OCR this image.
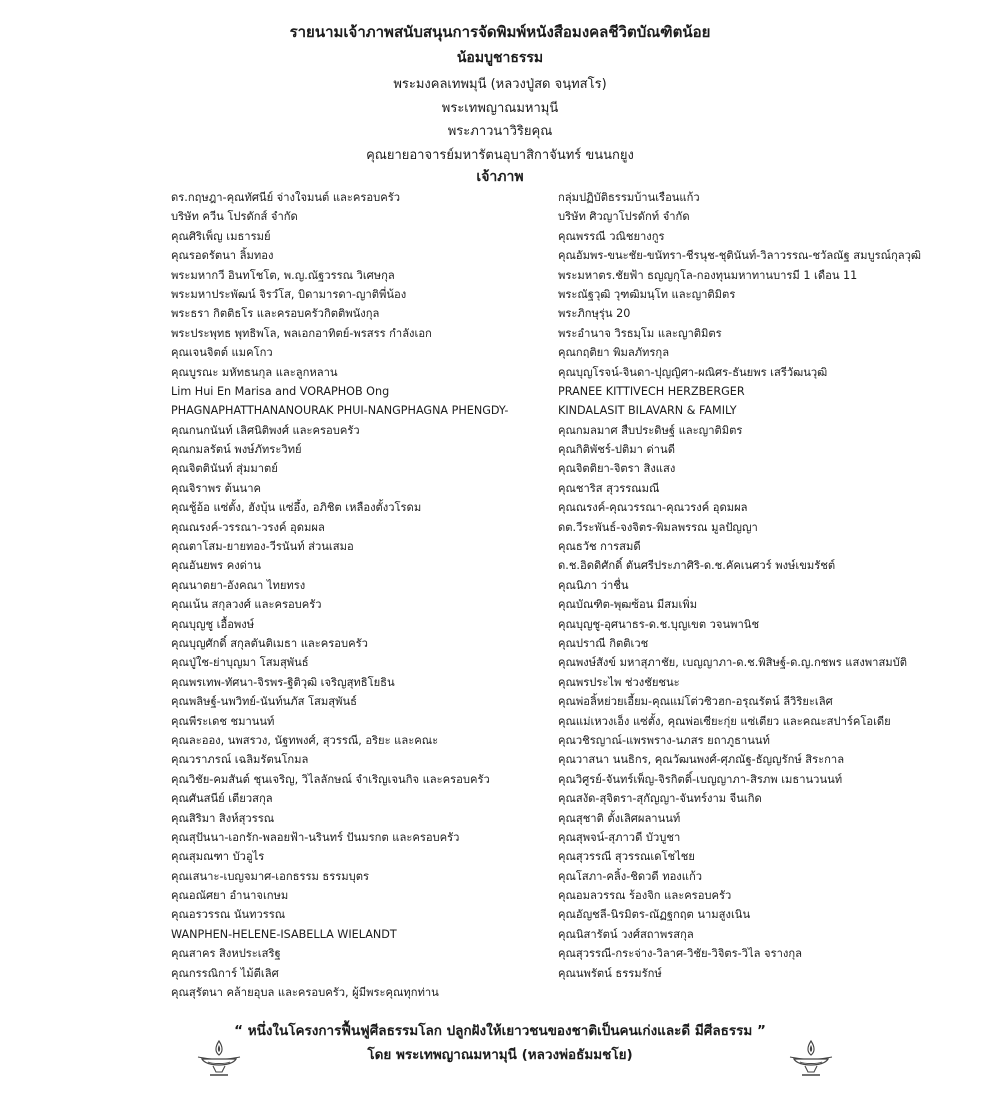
รายนามเจ้าภาพสนับสนุนการจัดพิมพ์หนังสือมงคลชีวิตบัณฑิตน้อย
น้อมบูชาธรรม
พระมงคลเทพมุนี (หลวงปู่สด จนฺทสโร)
พระเทพญาณมหามุนี
พระภาวนาวิริยคุณ
คุณยายอาจารย์มหารัตนอุบาสิกาจันทร์ ขนนกยูง
เจ้าภาพ
ดร.กฤษฎา-คุณทัศนีย์ จ่างใจมนต์ และครอบครัว
บริษัท ควีน โปรดักส์ จำกัด
คุณศิริเพ็ญ เมธารมย์
คุณรอดรัตนา ลิ้มทอง
พระมหากวี อินทโชโต, พ.ญ.ณัฐวรรณ วิเศษกุล
พระมหาประพัฒน์ จิรวํโส, บิดามารดา-ญาติพี่น้อง
พระธรา กิตติธโร และครอบครัวกิตติพนังกุล
พระประพุทธ พุทธิพโล, พลเอกอาทิตย์-พรสรร กำลังเอก
คุณเจนจิตต์ แมคโกว
คุณบูรณะ มหัทธนกุล และลูกหลาน
Lim Hui En Marisa and VORAPHOB Ong
PHAGNAPHATTHANANOURAK PHUI-NANGPHAGNA PHENGDY-
คุณกนกนันท์ เลิศนิติพงศ์ และครอบครัว
คุณกมลรัตน์ พงษ์ภัทระวิทย์
คุณจิตตินันท์ สุ่มมาตย์
คุณจิราพร ต้นนาค
คุณชู้อ้อ แซ่ตั้ง, ฮังบุ้น แซ่อึ้ง, อภิชิต เหลืองตั้งวโรดม
คุณณรงค์-วรรณา-วรงค์ อุดมผล
คุณตาโสม-ยายทอง-วีรนันท์ ส่วนเสมอ
คุณอันยพร คงด่าน
คุณนาตยา-อังคณา ไทยทรง
คุณเน้น สกุลวงศ์ และครอบครัว
คุณบุญชู เอื้อพงษ์
คุณบุญศักดิ์ สกุลตันติเมธา และครอบครัว
คุณปู่ใช-ย่าบุญมา โสมสุพันธ์
คุณพรเทพ-ทัศนา-จิรพร-ฐิติวุฒิ เจริญสุทธิโยธิน
คุณพลิษฐ์-นพวิทย์-นันท์นภัส โสมสุพันธ์
คุณพีระเดช ชมานนท์
คุณละออง, นพสรวง, นัฐทพงศ์, สุวรรณี, อริยะ และคณะ
คุณวราภรณ์ เฉลิมรัตนโกมล
คุณวิชัย-คมสันต์ ชุนเจริญ, วิไลลักษณ์ จำเริญเจนกิจ และครอบครัว
คุณศันสนีย์ เตียวสกุล
คุณสิริมา สิงห์สุวรรณ
คุณสุปันนา-เอกรัก-พลอยฟ้า-นรินทร์ ปันมรกต และครอบครัว
คุณสุมณฑา บัวอูไร
คุณเสนาะ-เบญจมาศ-เอกธรรม ธรรมบุตร
คุณอณัศยา อำนาจเกษม
คุณอรวรรณ นันทวรรณ
WANPHEN-HELENE-ISABELLA WIELANDT
คุณสาคร สิงหประเสริฐ
คุณกรรณิการ์ ไม้ตีเลิศ
คุณสุรัตนา คล้ายอุบล และครอบครัว, ผู้มีพระคุณทุกท่าน
กลุ่มปฏิบัติธรรมบ้านเรือนแก้ว
บริษัท ศิวญาโปรดักท์ จำกัด
คุณพรรณี วณิชยางกูร
คุณอัมพร-ขนะชัย-ขนัทรา-ชีรนุช-ชุตินันท์-วิลาวรรณ-ชวัลณัฐ สมบูรณ์กุลวุฒิ
พระมหาตร.ชัยฟ้า ธญญกุโล-กองทุนมหาทานบารมี 1 เดือน 11
พระณัฐวุฒิ วุฑฒิมนฺโท และญาติมิตร
พระภิกษุรุ่น 20
พระอำนาจ วิรธมฺโม และญาติมิตร
คุณกฤติยา พิมลภัทรกุล
คุณบุญโรจน์-จินดา-ปุญญิศา-ผณิศร-ธันยพร เสรีวัฒนวุฒิ
PRANEE KITTIVECH HERZBERGER
KINDALASIT BILAVARN & FAMILY
คุณกมลมาศ สืบประดิษฐ์ และญาติมิตร
คุณกิติพัชร์-ปติมา ด่านดี
คุณจิตติยา-จิตรา สิงแสง
คุณชาริส สุวรรณมณี
คุณณรงค์-คุณวรรณา-คุณวรงค์ อุดมผล
ดต.วีระพันธ์-จงจิตร-พิมลพรรณ มูลปัญญา
คุณธวัช การสมดี
ด.ช.อิดดิศักดิ์ ตันศรีประภาศิริ-ด.ช.คัคเนศวร์ พงษ์เขมรัชต์
คุณนิภา ว่าชื่น
คุณบัณฑิต-พุฒซ้อน มีสมเพิ่ม
คุณบุญชู-อุศนาธร-ด.ช.บุญเขต วจนพานิช
คุณปราณี กิตติเวช
คุณพงษ์สังข์ มหาสุภาชัย, เบญญาภา-ด.ช.พิสิษฐ์-ด.ญ.กชพร แสงพาสมบัติ
คุณพรประไพ ช่วงชัยชนะ
คุณพ่อลิ้หย่วยเอี้ยม-คุณแม่โต่วซิวฮก-อรุณรัตน์ ลีวิริยะเลิศ
คุณแม่เหวงเอ็ง แซ่ตั้ง, คุณพ่อเซียะกุ่ย แซ่เตียว และคณะสปาร์คโอเดีย
คุณวชิรญาณ์-แพรพราง-นภสร ยถาภูธานนท์
คุณวาสนา นนธิกร, คุณวัฒนพงศ์-ศุภณัฐ-ธัญญรักษ์ สิระกาล
คุณวิศูรย์-จันทร์เพ็ญ-จิรกิตติ์-เบญญาภา-สิรภพ เมธานวนนท์
คุณสงัด-สุจิตรา-สุกัญญา-จันทร์งาม จีนเกิด
คุณสุชาติ ตั้งเลิศผลานนท์
คุณสุพจน์-สุภาวดี บัวบูชา
คุณสุวรรณี สุวรรณเดโชไชย
คุณโสภา-คลิ้ง-ชิดวดี ทองแก้ว
คุณอมลวรรณ ร้องจิก และครอบครัว
คุณอัญชลี-นิรมิตร-ณัฏฐกฤต นามสูงเนิน
คุณนิสารัตน์ วงศ์สถาพรสกุล
คุณสุวรรณี-กระจ่าง-วิลาศ-วิชัย-วิจิตร-วิไล จรางกุล
คุณนพรัตน์ ธรรมรักษ์
“ หนึ่งในโครงการฟื้นฟูศีลธรรมโลก ปลูกฝังให้เยาวชนของชาติเป็นคนเก่งและดี มีศีลธรรม ”
โดย พระเทพญาณมหามุนี (หลวงพ่อธัมมชโย)
